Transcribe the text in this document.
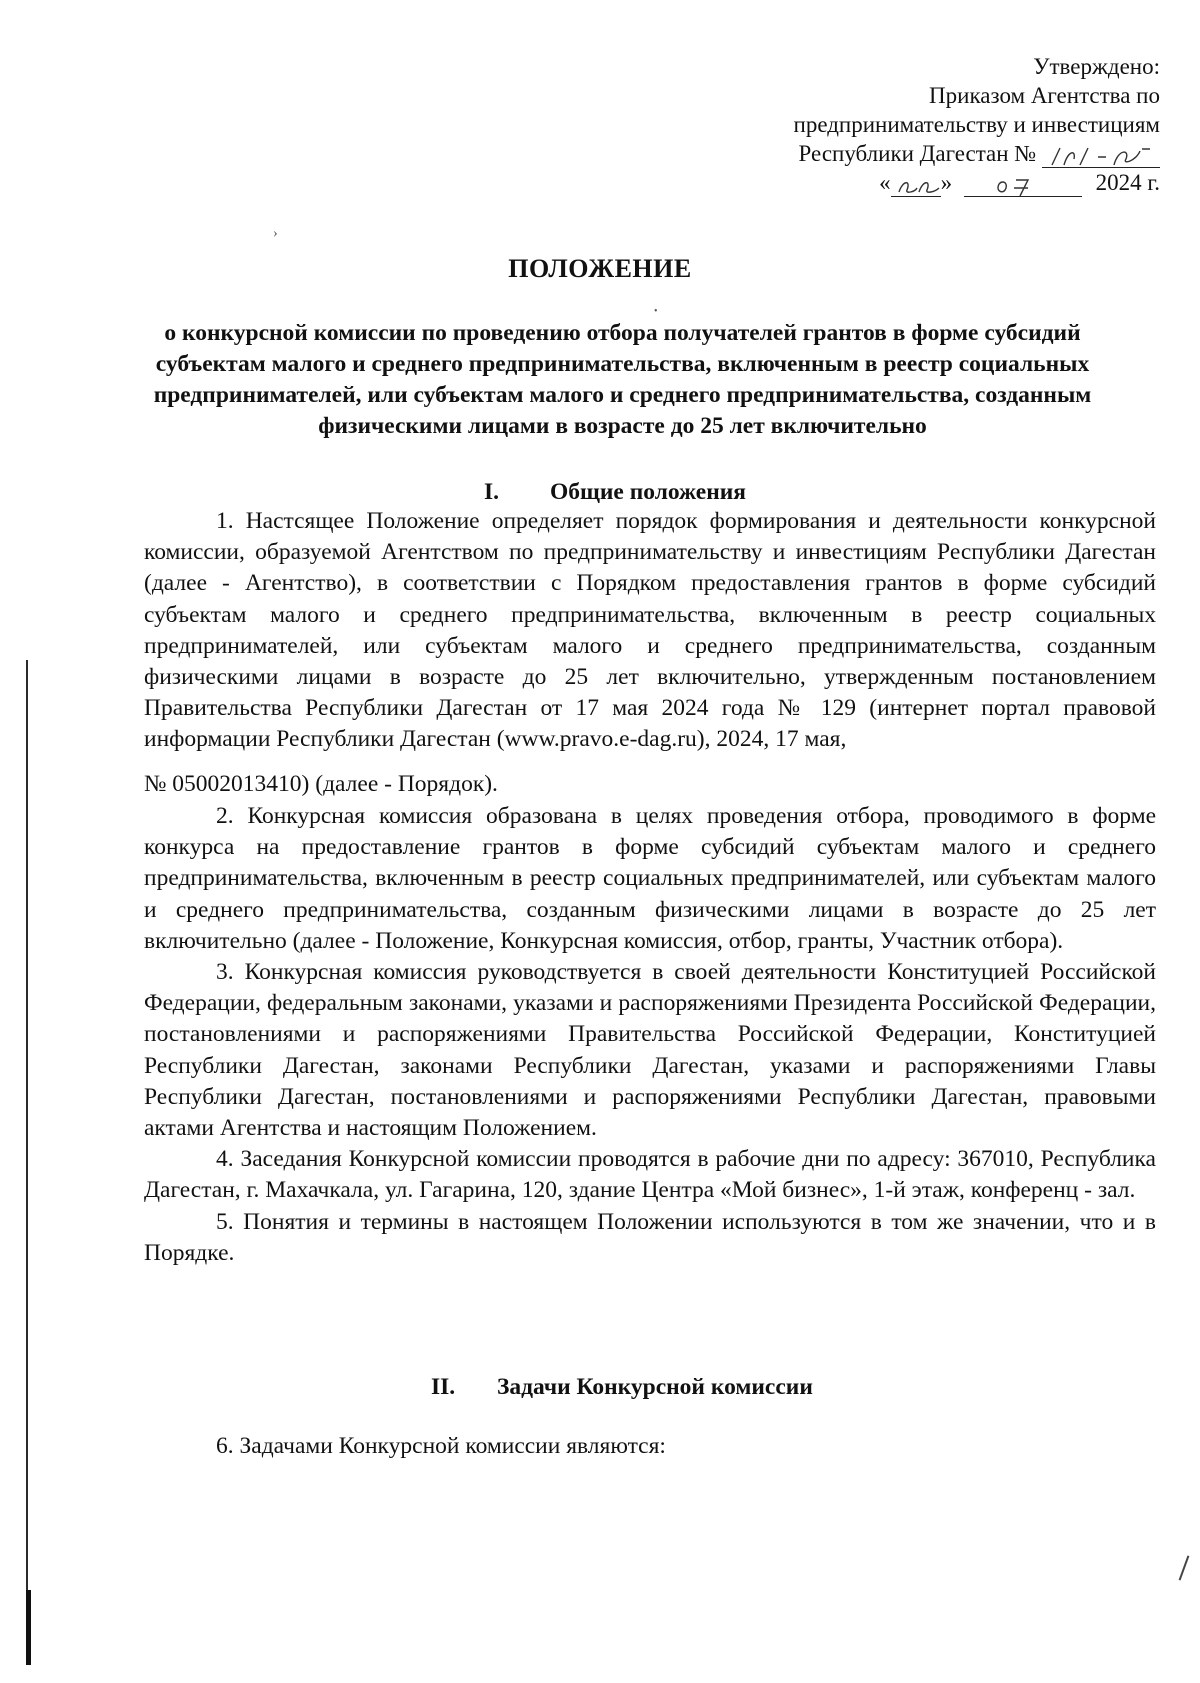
Утверждено:
Приказом Агентства по
предпринимательству и инвестициям
Республики Дагестан №
« »	2024 г.
›
•
ПОЛОЖЕНИЕ
о конкурсной комиссии по проведению отбора получателей грантов в форме субсидий субъектам малого и среднего предпринимательства, включенным в реестр социальных предпринимателей, или субъектам малого и среднего предпринимательства, созданным физическими лицами в возрасте до 25 лет включительно
I. Общие положения

1. Настсящее Положение определяет порядок формирования и деятельности конкурсной комиссии, образуемой Агентством по предпринимательству и инвестициям Республики Дагестан (далее - Агентство), в соответствии с Порядком предоставления грантов в форме субсидий субъектам малого и среднего предпринимательства, включенным в реестр социальных предпринимателей, или субъектам малого и среднего предпринимательства, созданным физическими лицами в возрасте до 25 лет включительно, утвержденным постановлением Правительства Республики Дагестан от 17 мая 2024 года № 129 (интернет портал правовой информации Республики Дагестан (www.pravo.e-dag.ru), 2024, 17 мая,

№ 05002013410) (далее - Порядок).

2. Конкурсная комиссия образована в целях проведения отбора, проводимого в форме конкурса на предоставление грантов в форме субсидий субъектам малого и среднего предпринимательства, включенным в реестр социальных предпринимателей, или субъектам малого и среднего предпринимательства, созданным физическими лицами в возрасте до 25 лет включительно (далее - Положение, Конкурсная комиссия, отбор, гранты, Участник отбора).

3. Конкурсная комиссия руководствуется в своей деятельности Конституцией Российской Федерации, федеральным законами, указами и распоряжениями Президента Российской Федерации, постановлениями и распоряжениями Правительства Российской Федерации, Конституцией Республики Дагестан, законами Республики Дагестан, указами и распоряжениями Главы Республики Дагестан, постановлениями и распоряжениями Республики Дагестан, правовыми актами Агентства и настоящим Положением.

4. Заседания Конкурсной комиссии проводятся в рабочие дни по адресу: 367010, Республика Дагестан, г. Махачкала, ул. Гагарина, 120, здание Центра «Мой бизнес», 1-й этаж, конференц - зал.

5. Понятия и термины в настоящем Положении используются в том же значении, что и в Порядке.

II. Задачи Конкурсной комиссии
6. Задачами Конкурсной комиссии являются:
